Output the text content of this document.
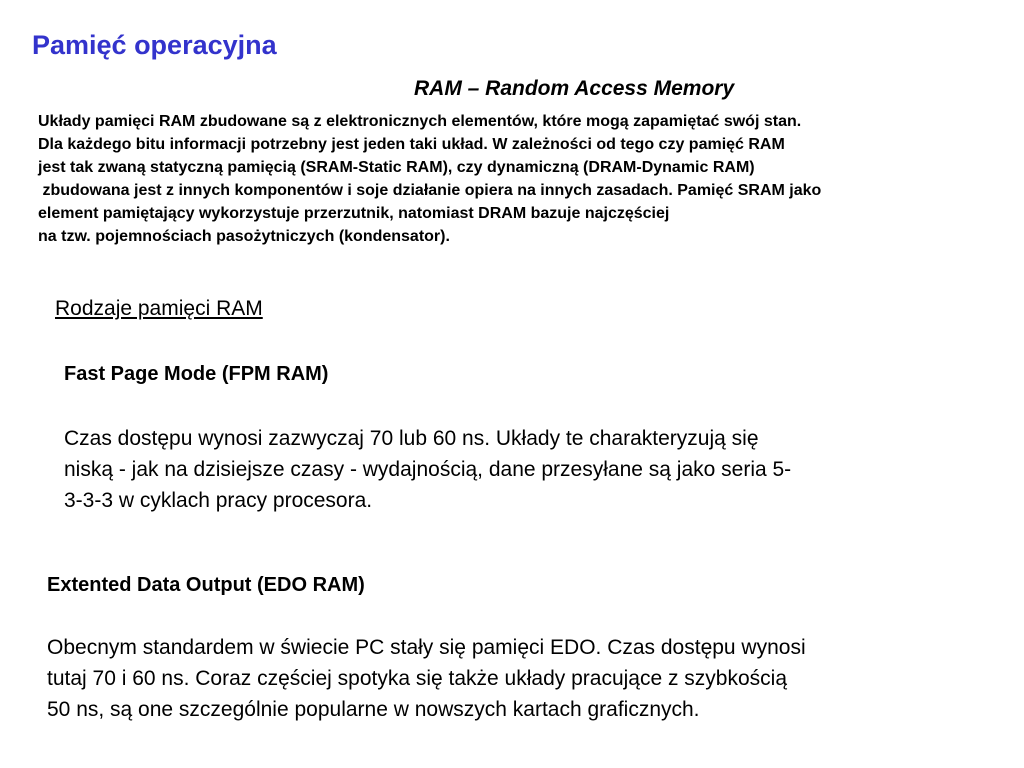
Pamięć operacyjna
RAM – Random Access Memory
Układy pamięci RAM zbudowane są z elektronicznych elementów, które mogą zapamiętać swój stan.
Dla każdego bitu informacji potrzebny jest jeden taki układ. W zależności od tego czy pamięć RAM
jest tak zwaną statyczną pamięcią (SRAM-Static RAM), czy dynamiczną (DRAM-Dynamic RAM)
zbudowana jest z innych komponentów i soje działanie opiera na innych zasadach. Pamięć SRAM jako
element pamiętający wykorzystuje przerzutnik, natomiast DRAM bazuje najczęściej
na tzw. pojemnościach pasożytniczych (kondensator).
Rodzaje pamięci RAM
Fast Page Mode (FPM RAM)
Czas dostępu wynosi zazwyczaj 70 lub 60 ns. Układy te charakteryzują się
niską - jak na dzisiejsze czasy - wydajnością, dane przesyłane są jako seria 5-
3-3-3 w cyklach pracy procesora.
Extented Data Output (EDO RAM)
Obecnym standardem w świecie PC stały się pamięci EDO. Czas dostępu wynosi
tutaj 70 i 60 ns. Coraz częściej spotyka się także układy pracujące z szybkością
50 ns, są one szczególnie popularne w nowszych kartach graficznych.
